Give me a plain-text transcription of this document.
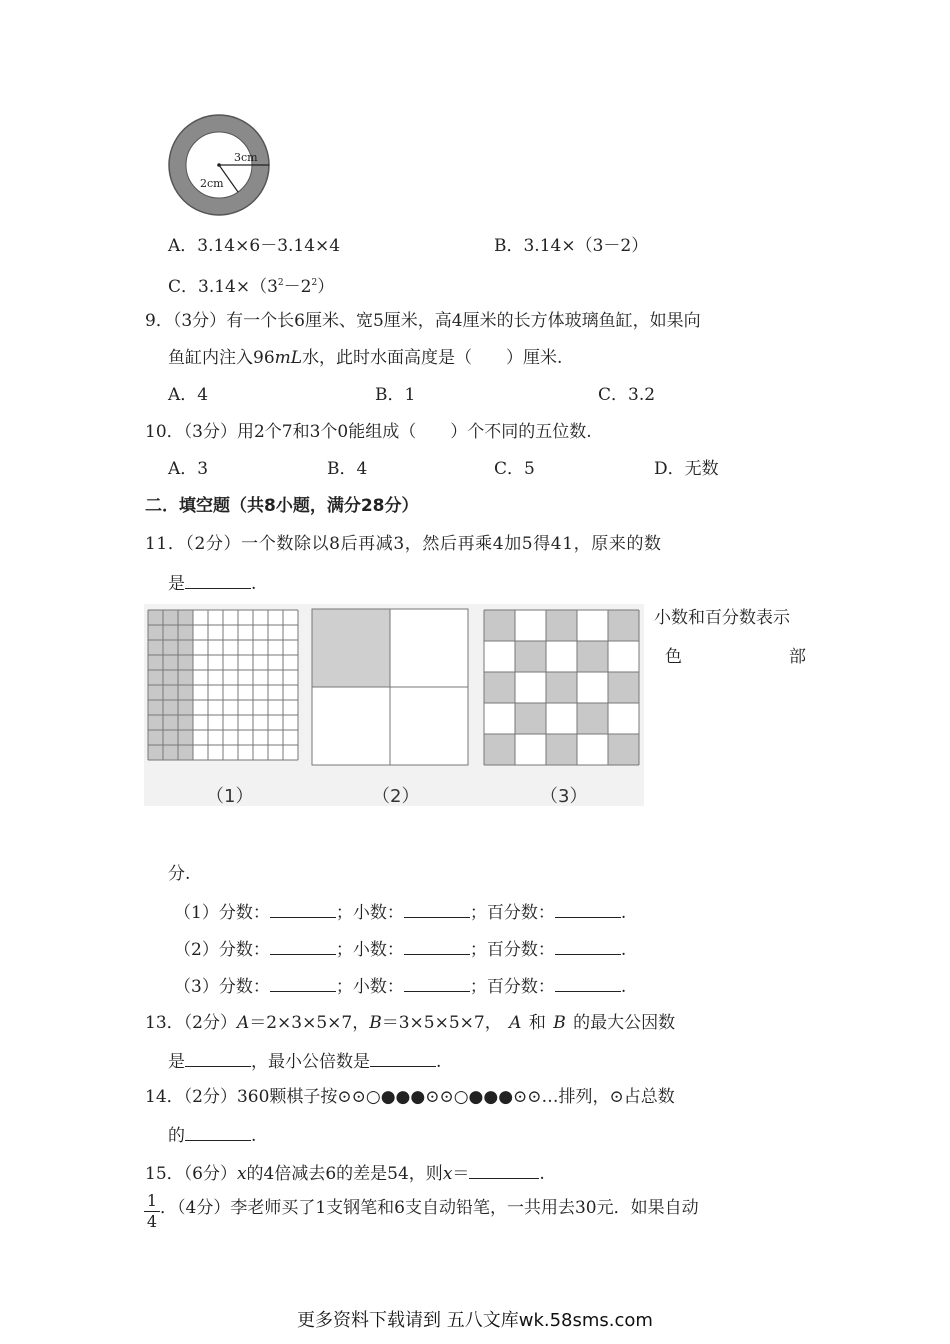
3cm
2cm
A．3.14×6－3.14×4	B．3.14×（3－2）
C．$3.14\times(3^2-2^2)$
9．（3分）有一个长6厘米、宽5厘米，高4厘米的长方体玻璃鱼缸，如果向
鱼缸内注入96mL水，此时水面高度是（　　）厘米.
A．4	B．1	C．3.2
10．（3分）用2个7和3个0能组成（　　）个不同的五位数.
A．3	B．4	C．5	D．无数
二．填空题（共8小题，满分28分）
11．（2分）一个数除以8后再减3，然后再乘4加5得41，原来的数
是	.
（1）	（2）	（3）
小数和百分数表示
色	部
分.
（1）分数：	；小数：	；百分数：	.
（2）分数：	；小数：	；百分数：	.
（3）分数：	；小数：	；百分数：	.
13．（2分）A＝2×3×5×7，B＝3×5×5×7， A 和 B 的最大公因数
是	，最小公倍数是	.
14．（2分）360颗棋子按⊙⊙○●●●⊙⊙○●●●⊙⊙…排列，⊙占总数
的	.
15．（6分）x的4倍减去6的差是54，则x＝	.
1
4
．（4分）李老师买了1支钢笔和6支自动铅笔，一共用去30元．如果自动
更多资料下载请到 五八文库wk.58sms.com
